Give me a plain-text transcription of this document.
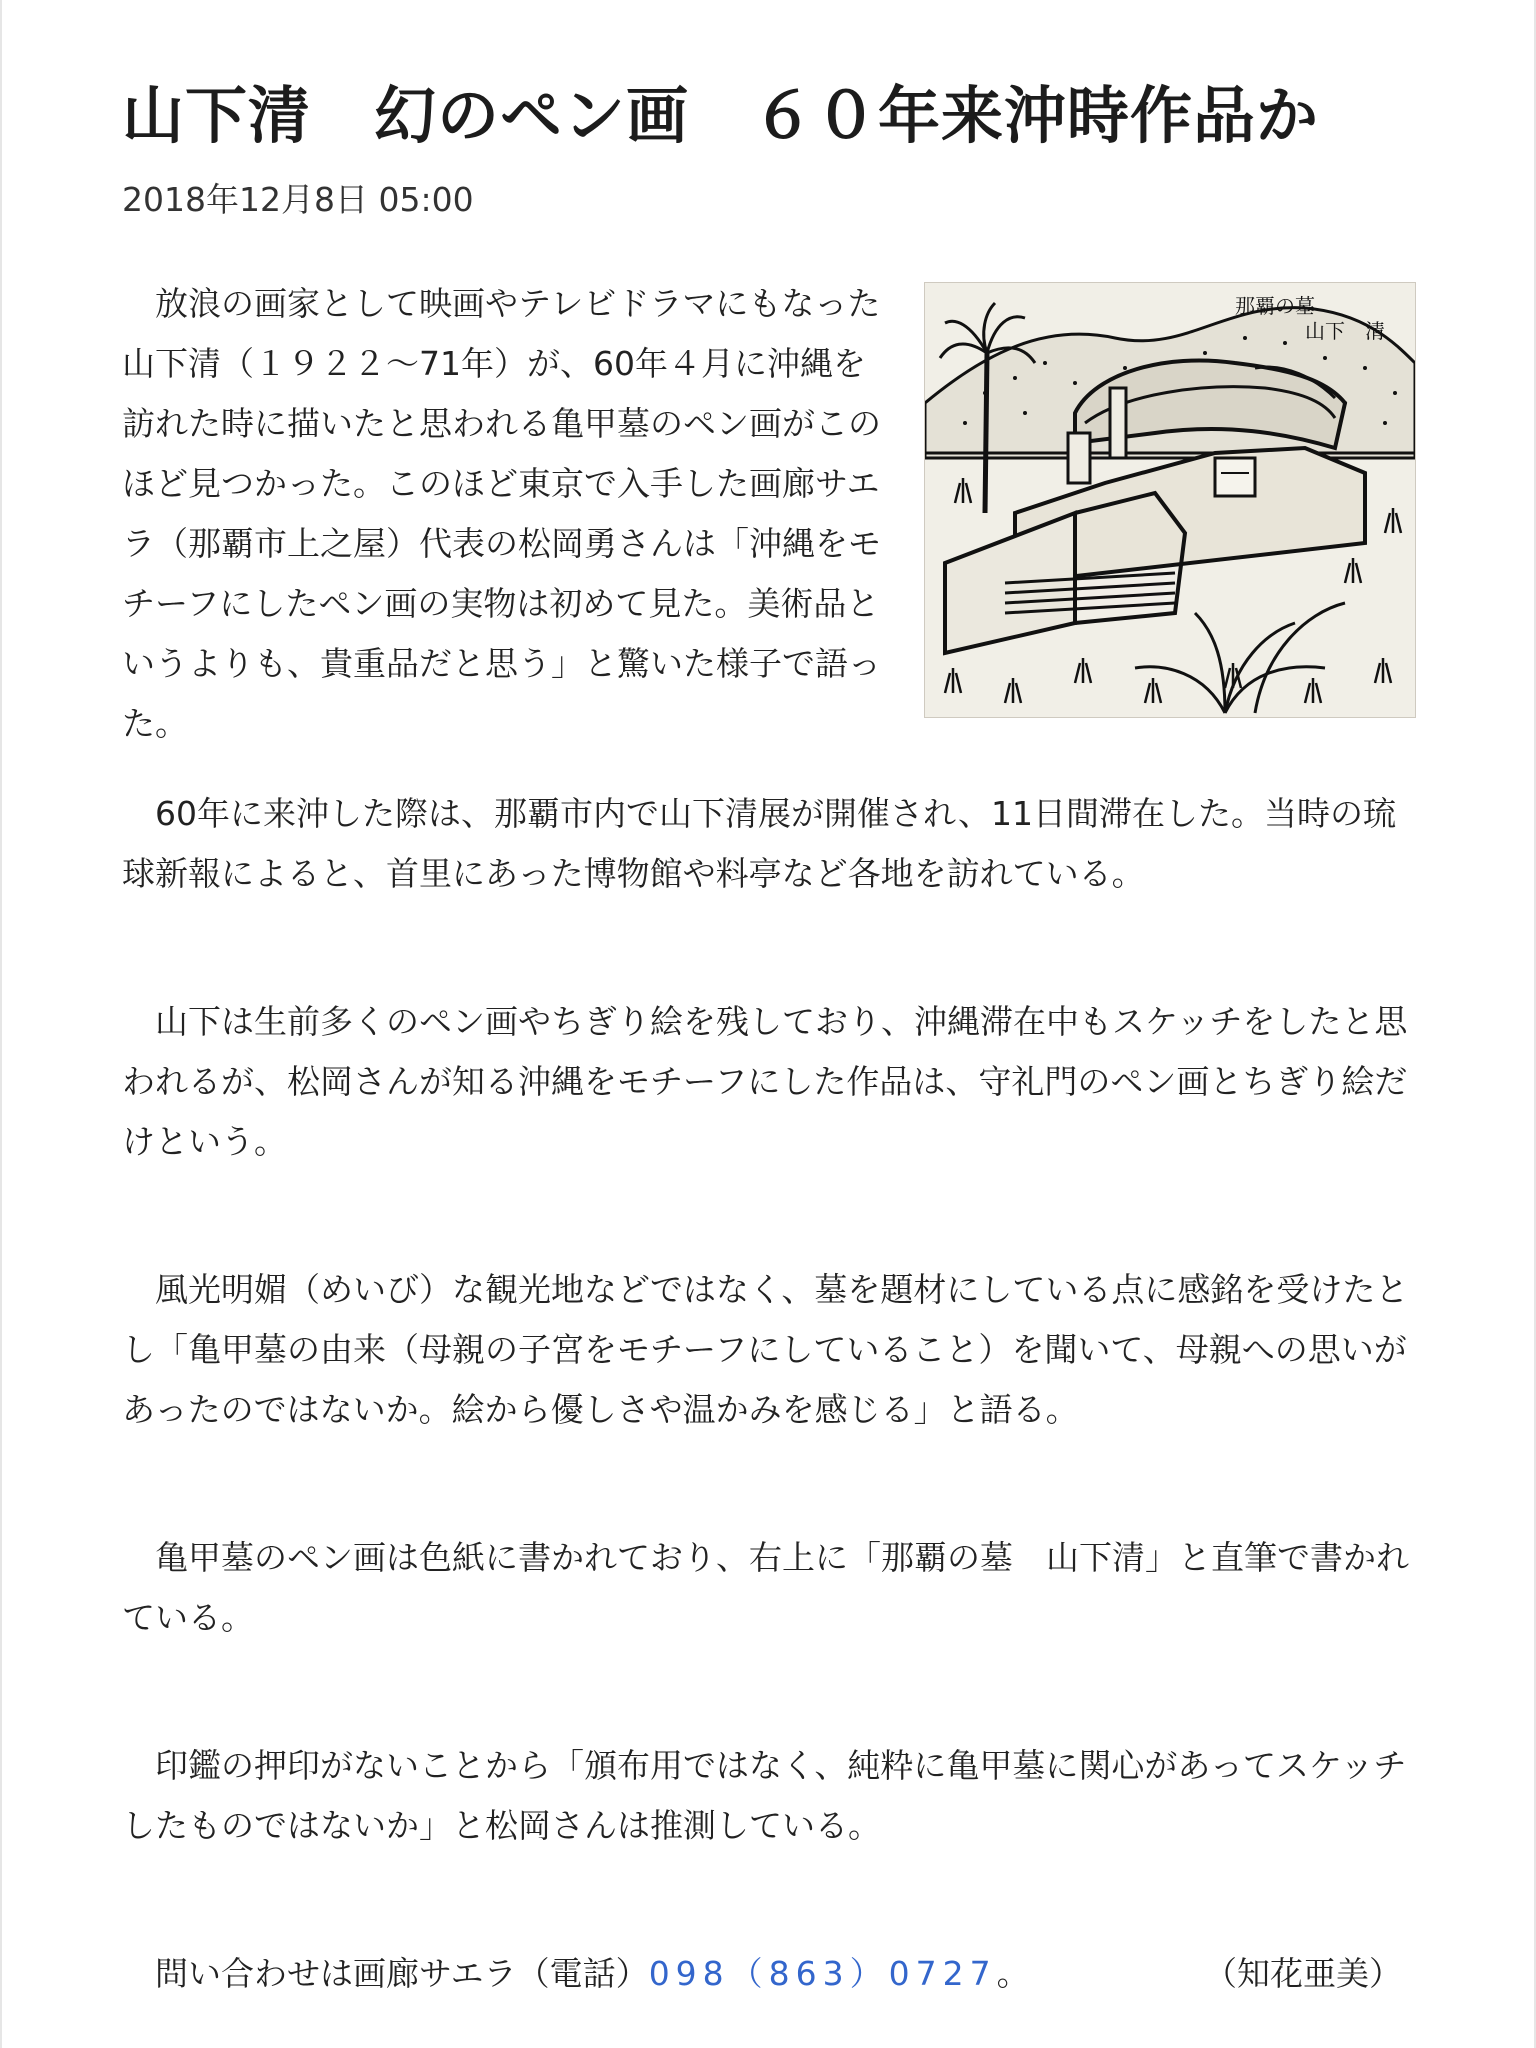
山下清　幻のペン画　６０年来沖時作品か
2018年12月8日 05:00
那覇の墓
山下　清

放浪の画家として映画やテレビドラマにもなった山下清（１９２２～71年）が、60年４月に沖縄を訪れた時に描いたと思われる亀甲墓のペン画がこのほど見つかった。このほど東京で入手した画廊サエラ（那覇市上之屋）代表の松岡勇さんは「沖縄をモチーフにしたペン画の実物は初めて見た。美術品というよりも、貴重品だと思う」と驚いた様子で語った。

60年に来沖した際は、那覇市内で山下清展が開催され、11日間滞在した。当時の琉球新報によると、首里にあった博物館や料亭など各地を訪れている。

山下は生前多くのペン画やちぎり絵を残しており、沖縄滞在中もスケッチをしたと思われるが、松岡さんが知る沖縄をモチーフにした作品は、守礼門のペン画とちぎり絵だけという。

風光明媚（めいび）な観光地などではなく、墓を題材にしている点に感銘を受けたとし「亀甲墓の由来（母親の子宮をモチーフにしていること）を聞いて、母親への思いがあったのではないか。絵から優しさや温かみを感じる」と語る。

亀甲墓のペン画は色紙に書かれており、右上に「那覇の墓　山下清」と直筆で書かれている。

印鑑の押印がないことから「頒布用ではなく、純粋に亀甲墓に関心があってスケッチしたものではないか」と松岡さんは推測している。

問い合わせは画廊サエラ（電話）098（863）0727。	（知花亜美）
